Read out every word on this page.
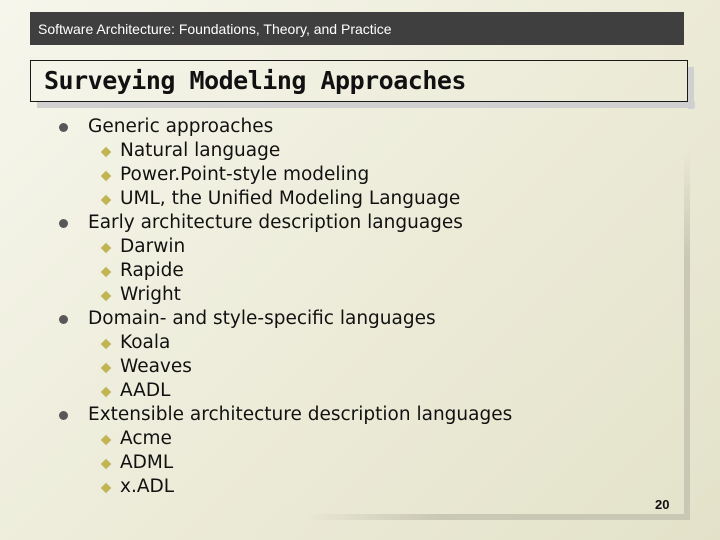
Software Architecture: Foundations, Theory, and Practice
Surveying Modeling Approaches
Generic approaches
Natural language
Power.Point-style modeling
UML, the Unified Modeling Language
Early architecture description languages
Darwin
Rapide
Wright
Domain- and style-specific languages
Koala
Weaves
AADL
Extensible architecture description languages
Acme
ADML
x.ADL
20
